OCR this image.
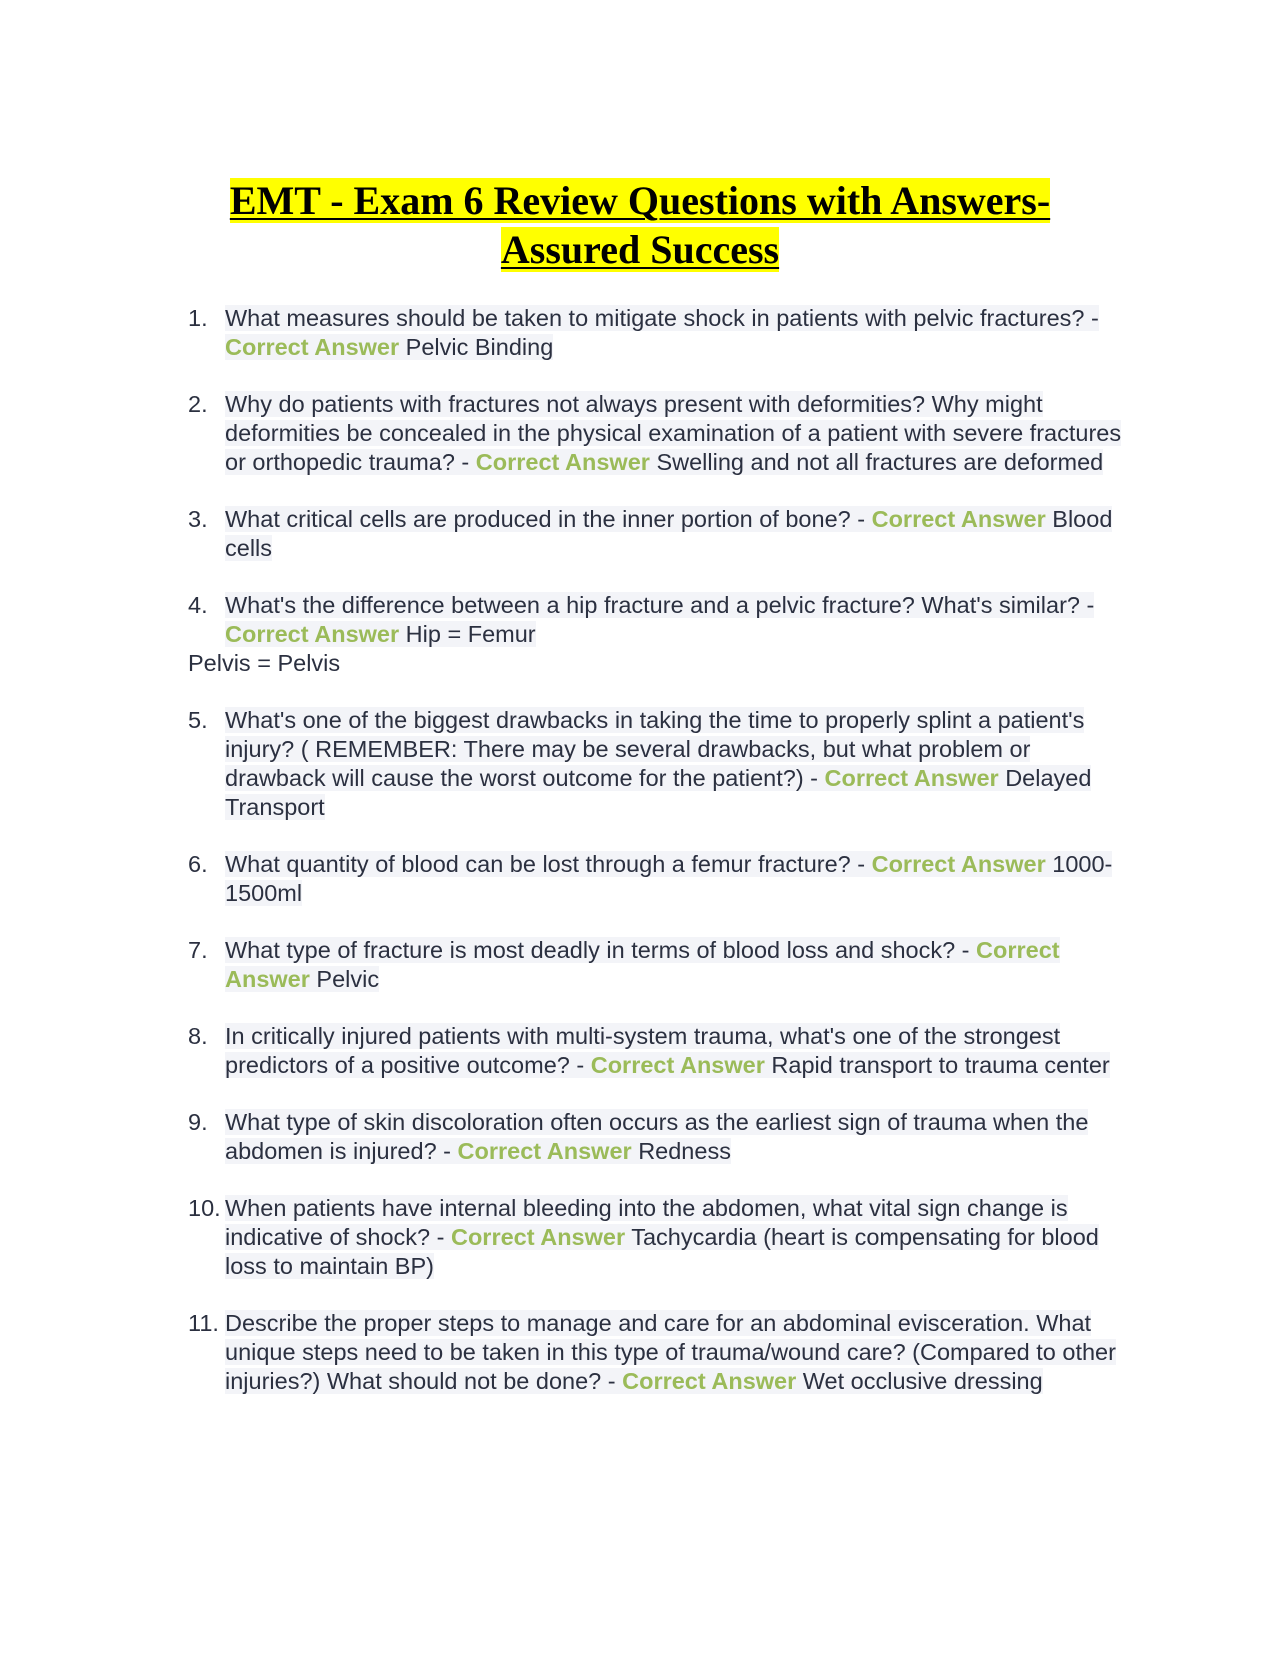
EMT - Exam 6 Review Questions with Answers-
Assured Success
1. What measures should be taken to mitigate shock in patients with pelvic fractures? - Correct Answer Pelvic Binding
2. Why do patients with fractures not always present with deformities? Why might deformities be concealed in the physical examination of a patient with severe fractures or orthopedic trauma? - Correct Answer Swelling and not all fractures are deformed
3. What critical cells are produced in the inner portion of bone? - Correct Answer Blood cells
4. What's the difference between a hip fracture and a pelvic fracture? What's similar? - Correct Answer Hip = Femur
Pelvis = Pelvis
5. What's one of the biggest drawbacks in taking the time to properly splint a patient's injury? ( REMEMBER: There may be several drawbacks, but what problem or drawback will cause the worst outcome for the patient?) - Correct Answer Delayed Transport
6. What quantity of blood can be lost through a femur fracture? - Correct Answer 1000-1500ml
7. What type of fracture is most deadly in terms of blood loss and shock? - Correct Answer Pelvic
8. In critically injured patients with multi-system trauma, what's one of the strongest predictors of a positive outcome? - Correct Answer Rapid transport to trauma center
9. What type of skin discoloration often occurs as the earliest sign of trauma when the abdomen is injured? - Correct Answer Redness
10. When patients have internal bleeding into the abdomen, what vital sign change is indicative of shock? - Correct Answer Tachycardia (heart is compensating for blood loss to maintain BP)
11. Describe the proper steps to manage and care for an abdominal evisceration. What unique steps need to be taken in this type of trauma/wound care? (Compared to other injuries?) What should not be done? - Correct Answer Wet occlusive dressing
